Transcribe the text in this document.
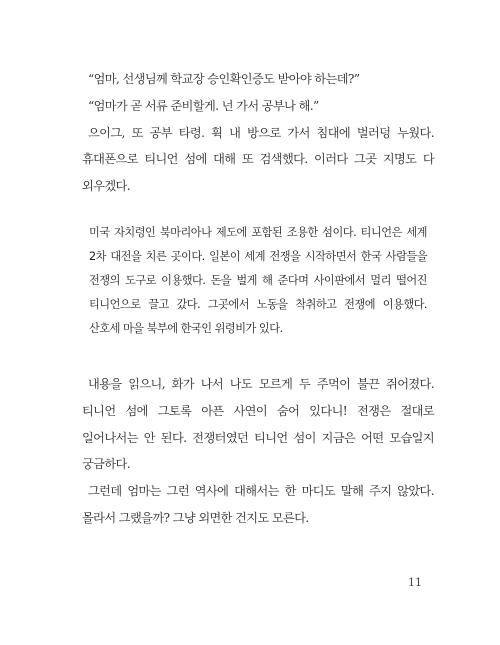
“엄마, 선생님께 학교장 승인확인증도 받아야 하는데?”

“엄마가 곧 서류 준비할게. 넌 가서 공부나 해.”

으이그, 또 공부 타령. 휙 내 방으로 가서 침대에 벌러덩 누웠다. 휴대폰으로 티니언 섬에 대해 또 검색했다. 이러다 그곳 지명도 다 외우겠다.

미국 자치령인 북마리아나 제도에 포함된 조용한 섬이다. 티니언은 세계 2차 대전을 치른 곳이다. 일본이 세계 전쟁을 시작하면서 한국 사람들을 전쟁의 도구로 이용했다. 돈을 벌게 해 준다며 사이판에서 멀리 떨어진 티니언으로 끌고 갔다. 그곳에서 노동을 착취하고 전쟁에 이용했다. 산호세 마을 북부에 한국인 위령비가 있다.

내용을 읽으니, 화가 나서 나도 모르게 두 주먹이 불끈 쥐어졌다. 티니언 섬에 그토록 아픈 사연이 숨어 있다니! 전쟁은 절대로 일어나서는 안 된다. 전쟁터였던 티니언 섬이 지금은 어떤 모습일지 궁금하다.

그런데 엄마는 그런 역사에 대해서는 한 마디도 말해 주지 않았다. 몰라서 그랬을까? 그냥 외면한 건지도 모른다.

11
